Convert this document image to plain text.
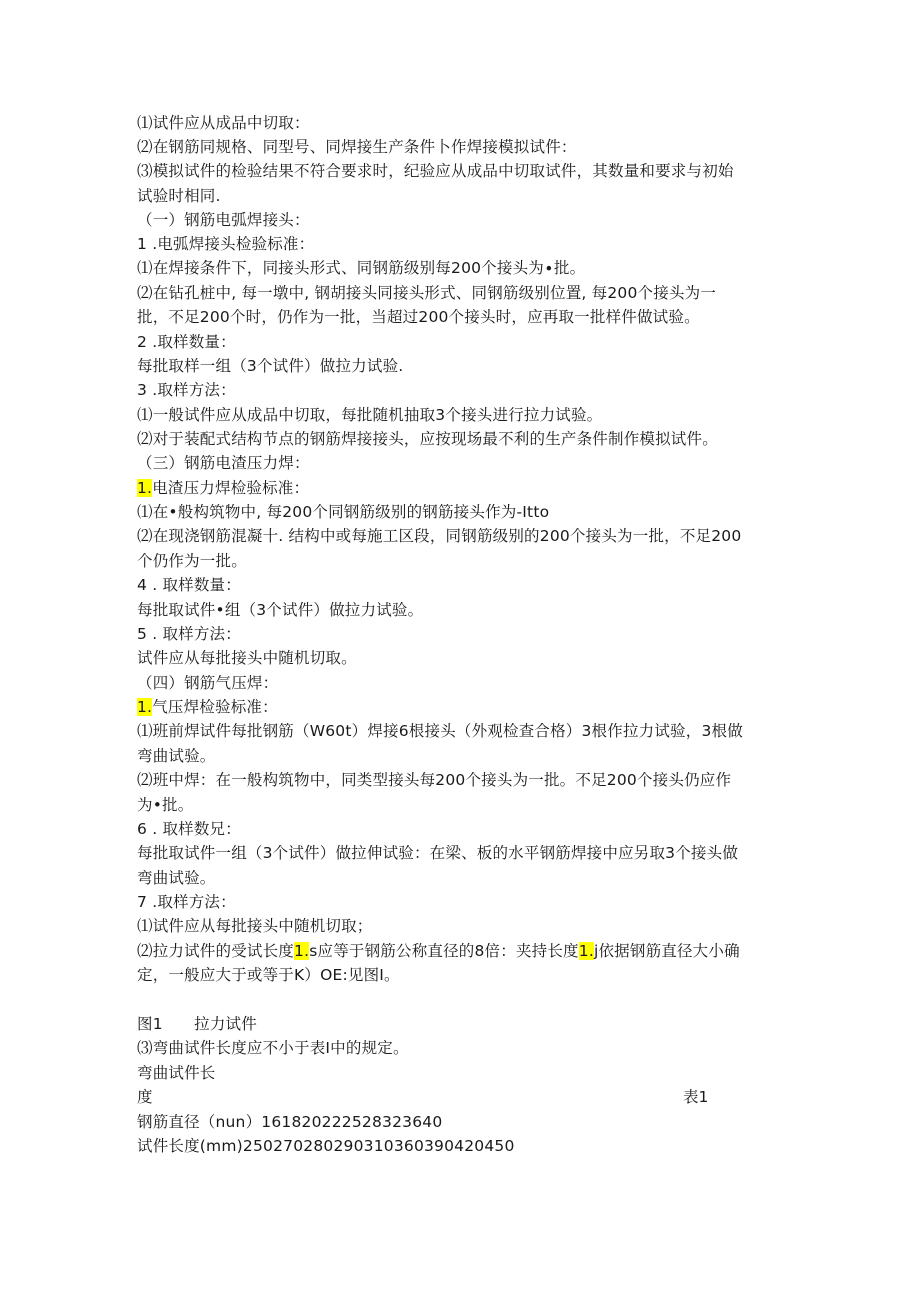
⑴试件应从成品中切取：
⑵在钢筋同规格、同型号、同焊接生产条件卜作焊接模拟试件：
⑶模拟试件的检验结果不符合要求时，纪验应从成品中切取试件，其数量和要求与初始
试验时相同.
（一）钢筋电弧焊接头：
1 .电弧焊接头检验标准：
⑴在焊接条件下，同接头形式、同钢筋级别每200个接头为∙批。
⑵在钻孔桩中, 每一墩中, 钢胡接头同接头形式、同钢筋级别位置, 每200个接头为一
批，不足200个时，仍作为一批，当超过200个接头时，应再取一批样件做试验。
2 .取样数量：
每批取样一组（3个试件）做拉力试验.
3 .取样方法：
⑴一般试件应从成品中切取，每批随机抽取3个接头进行拉力试验。
⑵对于装配式结构节点的钢筋焊接接头，应按现场最不利的生产条件制作模拟试件。
（三）钢筋电渣压力焊：
1.电渣压力焊检验标准：
⑴在•般构筑物中, 每200个同钢筋级别的钢筋接头作为-Itto
⑵在现浇钢筋混凝十. 结构中或每施工区段，同钢筋级别的200个接头为一批，不足200
个仍作为一批。
4 . 取样数量：
每批取试件•组（3个试件）做拉力试验。
5 . 取样方法：
试件应从每批接头中随机切取。
（四）钢筋气压焊：
1.气压焊检验标准：
⑴班前焊试件每批钢筋（W60t）焊接6根接头（外观检查合格）3根作拉力试验，3根做
弯曲试验。
⑵班中焊：在一般构筑物中，同类型接头每200个接头为一批。不足200个接头仍应作
为•批。
6 . 取样数兄：
每批取试件一组（3个试件）做拉伸试验：在梁、板的水平钢筋焊接中应另取3个接头做
弯曲试验。
7 .取样方法：
⑴试件应从每批接头中随机切取；
⑵拉力试件的受试长度1.s应等于钢筋公称直径的8倍：夹持长度1.j依据钢筋直径大小确
定，一般应大于或等于K）OE:见图I。
图1　　拉力试件
⑶弯曲试件长度应不小于表I中的规定。
弯曲试件长
度	表1
钢筋直径（nun）161820222528323640
试件长度(mm)250270280290310360390420450
